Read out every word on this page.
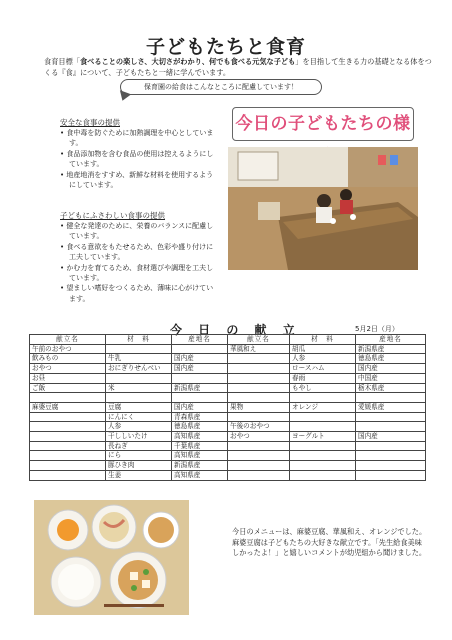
子どもたちと食育
食育目標「食べることの楽しさ、大切さがわかり、何でも食べる元気な子ども」を目指して生きる力の基礎となる体をつくる『食』について、子どもたちと一緒に学んでいます。
保育園の給食はこんなところに配慮しています！
安全な食事の提供
• 食中毒を防ぐために加熱調理を中心としています。
• 食品添加物を含む食品の使用は控えるようにしています。
• 地産地消をすすめ、新鮮な材料を使用するようにしています。
子どもにふさわしい食事の提供
• 健全な発達のために、栄養のバランスに配慮しています。
• 食べる意欲をもたせるため、色彩や盛り付けに工夫しています。
• かむ力を育てるため、食材選びや調理を工夫しています。
• 望ましい嗜好をつくるため、薄味に心がけています。
今日の子どもたちの様
今 日 の 献 立	5月2日（月）
献立名	材　料	産地名	献立名	材　料	産地名
午前のおやつ			華風和え	胡瓜	新潟県産
飲みもの	牛乳	国内産		人参	徳島県産
おやつ	おにぎりせんべい	国内産		ロースハム	国内産
お昼				春雨	中国産
ご飯	米	新潟県産		もやし	栃木県産

麻婆豆腐	豆腐	国内産	果物	オレンジ	愛媛県産
	にんにく	青森県産			
	人参	徳島県産	午後のおやつ		
	干ししいたけ	高知県産	おやつ	ヨーグルト	国内産
	長ねぎ	千葉県産			
	にら	高知県産			
	豚ひき肉	新潟県産			
	生姜	高知県産			
今日のメニューは、麻婆豆腐、華風和え、オレンジでした。麻婆豆腐は子どもたちの大好きな献立です。「先生給食美味しかったよ！」と嬉しいコメントが幼児組から聞けました。
